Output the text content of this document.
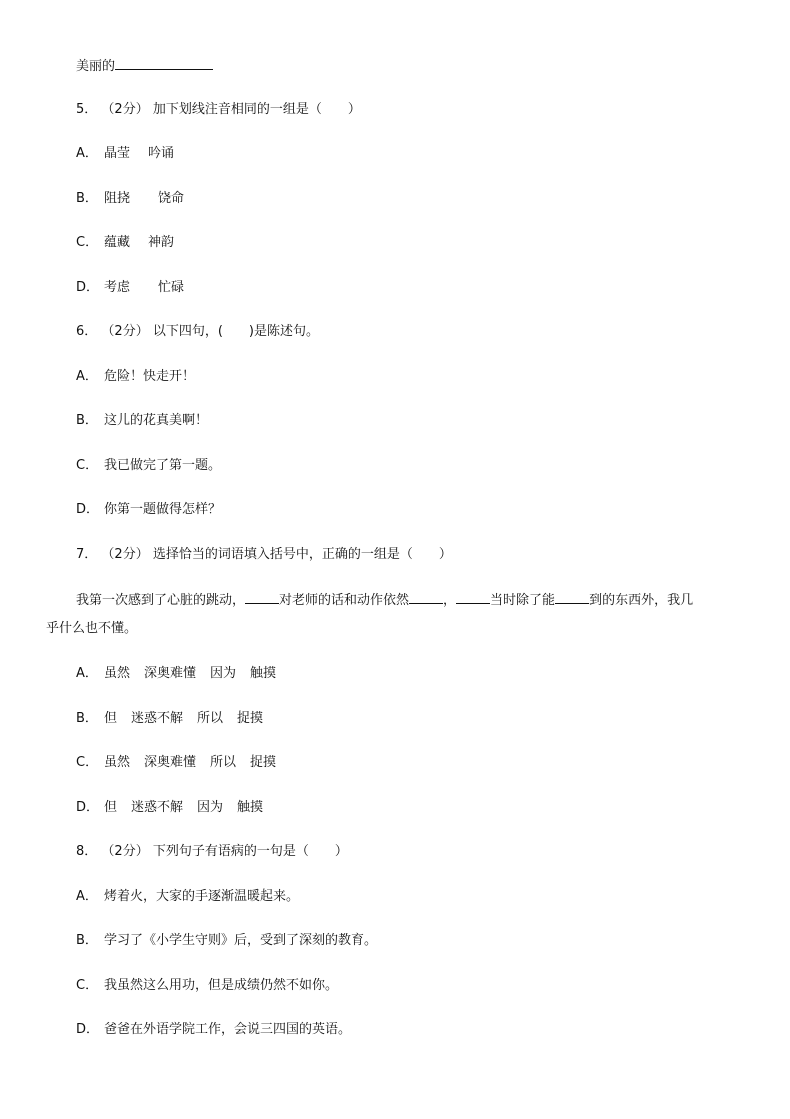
美丽的
5． （2分） 加下划线注音相同的一组是（　　）
A． 晶莹 吟诵
B． 阻挠 饶命
C． 蕴藏 神韵
D． 考虑 忙碌
6． （2分） 以下四句，(　　)是陈述句。
A． 危险！快走开！
B． 这儿的花真美啊！
C． 我已做完了第一题。
D． 你第一题做得怎样？
7． （2分） 选择恰当的词语填入括号中，正确的一组是（　　）
我第一次感到了心脏的跳动，	对老师的话和动作依然	，	当时除了能	到的东西外，我几
乎什么也不懂。
A． 虽然 深奥难懂 因为 触摸
B． 但 迷惑不解 所以 捉摸
C． 虽然 深奥难懂 所以 捉摸
D． 但 迷惑不解 因为 触摸
8． （2分） 下列句子有语病的一句是（　　）
A． 烤着火，大家的手逐渐温暖起来。
B． 学习了《小学生守则》后，受到了深刻的教育。
C． 我虽然这么用功，但是成绩仍然不如你。
D． 爸爸在外语学院工作，会说三四国的英语。
